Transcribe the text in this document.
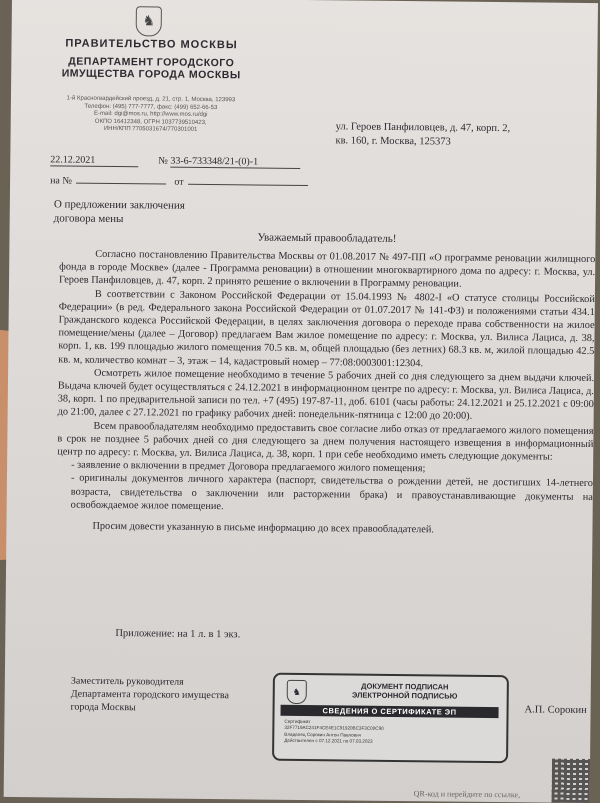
♞
ПРАВИТЕЛЬСТВО МОСКВЫ
ДЕПАРТАМЕНТ ГОРОДСКОГО
ИМУЩЕСТВА ГОРОДА МОСКВЫ
1-й Красногвардейский проезд, д. 21, стр. 1, Москва, 123993
Телефон: (495) 777-7777, факс: (499) 652-66-53
E-mail: dgi@mos.ru, http://www.mos.ru/dgi
ОКПО 16412348, ОГРН 1037739510423,
ИНН/КПП 7705031674/770301001	ул. Героев Панфиловцев, д. 47, корп. 2,
кв. 160, г. Москва, 125373
22.12.2021	№ 33-6-733348/21-(0)-1
на №	от
О предложении заключения
договора мены
Уважаемый правообладатель!

Согласно постановлению Правительства Москвы от 01.08.2017 № 497-ПП «О программе реновации жилищного фонда в городе Москве» (далее - Программа реновации) в отношении многоквартирного дома по адресу: г. Москва, ул. Героев Панфиловцев, д. 47, корп. 2 принято решение о включении в Программу реновации.

В соответствии с Законом Российской Федерации от 15.04.1993 № 4802-I «О статусе столицы Российской Федерации» (в ред. Федерального закона Российской Федерации от 01.07.2017 № 141-ФЗ) и положениями статьи 434.1 Гражданского кодекса Российской Федерации, в целях заключения договора о переходе права собственности на жилое помещение/мены (далее – Договор) предлагаем Вам жилое помещение по адресу: г. Москва, ул. Вилиса Лациса, д. 38, корп. 1, кв. 199 площадью жилого помещения 70.5 кв. м, общей площадью (без летних) 68.3 кв. м, жилой площадью 42.5 кв. м, количество комнат – 3, этаж – 14, кадастровый номер – 77:08:0003001:12304.

Осмотреть жилое помещение необходимо в течение 5 рабочих дней со дня следующего за днем выдачи ключей. Выдача ключей будет осуществляться с 24.12.2021 в информационном центре по адресу: г. Москва, ул. Вилиса Лациса, д. 38, корп. 1 по предварительной записи по тел. +7 (495) 197-87-11, доб. 6101 (часы работы: 24.12.2021 и 25.12.2021 с 09:00 до 21:00, далее с 27.12.2021 по графику рабочих дней: понедельник-пятница с 12:00 до 20:00).

Всем правообладателям необходимо предоставить свое согласие либо отказ от предлагаемого жилого помещения в срок не позднее 5 рабочих дней со дня следующего за днем получения настоящего извещения в информационный центр по адресу: г. Москва, ул. Вилиса Лациса, д. 38, корп. 1 при себе необходимо иметь следующие документы:

- заявление о включении в предмет Договора предлагаемого жилого помещения;

- оригиналы документов личного характера (паспорт, свидетельства о рождении детей, не достигших 14-летнего возраста, свидетельства о заключении или расторжении брака) и правоустанавливающие документы на освобождаемое жилое помещение.

Просим довести указанную в письме информацию до всех правообладателей.

Приложение: на 1 л. в 1 экз.
Заместитель руководителя
Департамента городского имущества
города Москвы
♞
ДОКУМЕНТ ПОДПИСАН
ЭЛЕКТРОННОЙ ПОДПИСЬЮ
СВЕДЕНИЯ О СЕРТИФИКАТЕ ЭП
Сертификат
32F7719AC241F4CE4E1C91920BC3F3C00C90
Владелец Сорокин Антон Павлович
Действителен с 07.12.2021 по 07.03.2023
А.П. Сорокин
QR-код и перейдите по ссылке,
